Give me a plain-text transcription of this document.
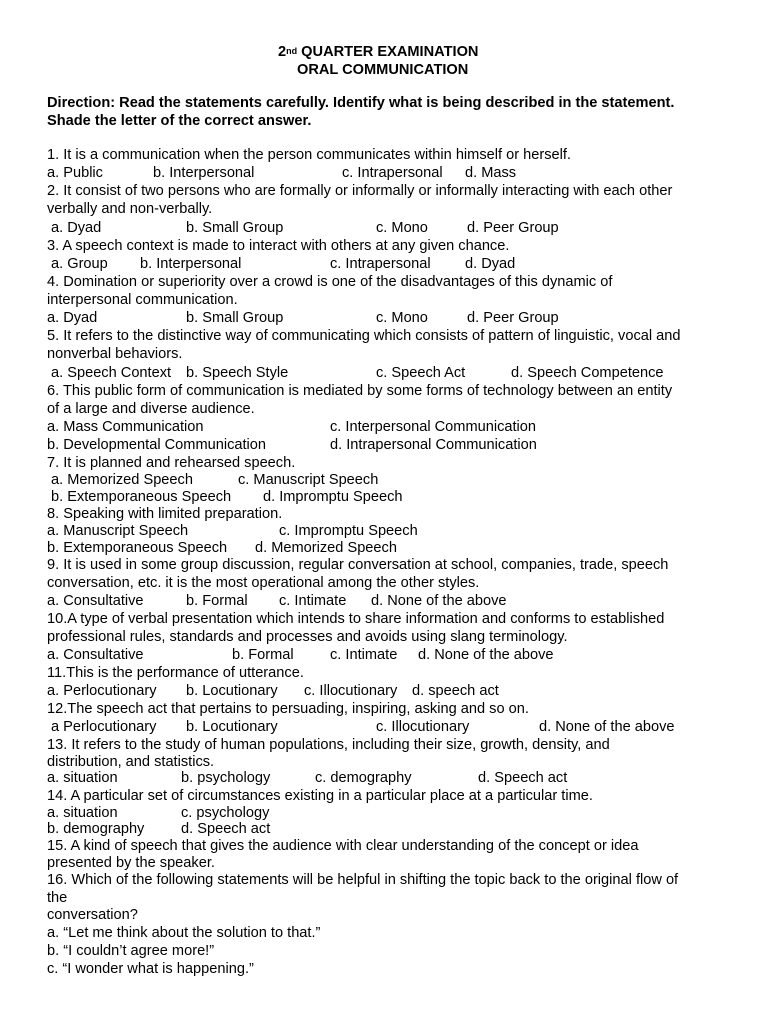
2nd QUARTER EXAMINATION
ORAL COMMUNICATION
Direction: Read the statements carefully. Identify what is being described in the statement.
Shade the letter of the correct answer.
1. It is a communication when the person communicates within himself or herself.
a. Public	b. Interpersonal	c. Intrapersonal d. Mass
2. It consist of two persons who are formally or informally or informally interacting with each other
verbally and non-verbally.
a. Dyad	b. Small Group	c. Mono	d. Peer Group
3. A speech context is made to interact with others at any given chance.
a. Group b. Interpersonal	c. Intrapersonal d. Dyad
4. Domination or superiority over a crowd is one of the disadvantages of this dynamic of
interpersonal communication.
a. Dyad	b. Small Group	c. Mono	d. Peer Group
5. It refers to the distinctive way of communicating which consists of pattern of linguistic, vocal and
nonverbal behaviors.
a. Speech Context b. Speech Style	c. Speech Act	d. Speech Competence
6. This public form of communication is mediated by some forms of technology between an entity
of a large and diverse audience.
a. Mass Communication	c. Interpersonal Communication
b. Developmental Communication	d. Intrapersonal Communication
7. It is planned and rehearsed speech.
a. Memorized Speech	c. Manuscript Speech
b. Extemporaneous Speech d. Impromptu Speech
8. Speaking with limited preparation.
a. Manuscript Speech	c. Impromptu Speech
b. Extemporaneous Speech d. Memorized Speech
9. It is used in some group discussion, regular conversation at school, companies, trade, speech
conversation, etc. it is the most operational among the other styles.
a. Consultative	b. Formal c. Intimate d. None of the above
10.A type of verbal presentation which intends to share information and conforms to established
professional rules, standards and processes and avoids using slang terminology.
a. Consultative	b. Formal c. Intimate d. None of the above
11.This is the performance of utterance.
a. Perlocutionary b. Locutionary c. Illocutionary d. speech act
12.The speech act that pertains to persuading, inspiring, asking and so on.
a Perlocutionary b. Locutionary	c. Illocutionary	d. None of the above
13. It refers to the study of human populations, including their size, growth, density, and
distribution, and statistics.
a. situation	b. psychology	c. demography	d. Speech act
14. A particular set of circumstances existing in a particular place at a particular time.
a. situation	c. psychology
b. demography	d. Speech act
15. A kind of speech that gives the audience with clear understanding of the concept or idea
presented by the speaker.
16. Which of the following statements will be helpful in shifting the topic back to the original flow of
the
conversation?
a. “Let me think about the solution to that.”
b. “I couldn’t agree more!”
c. “I wonder what is happening.”
